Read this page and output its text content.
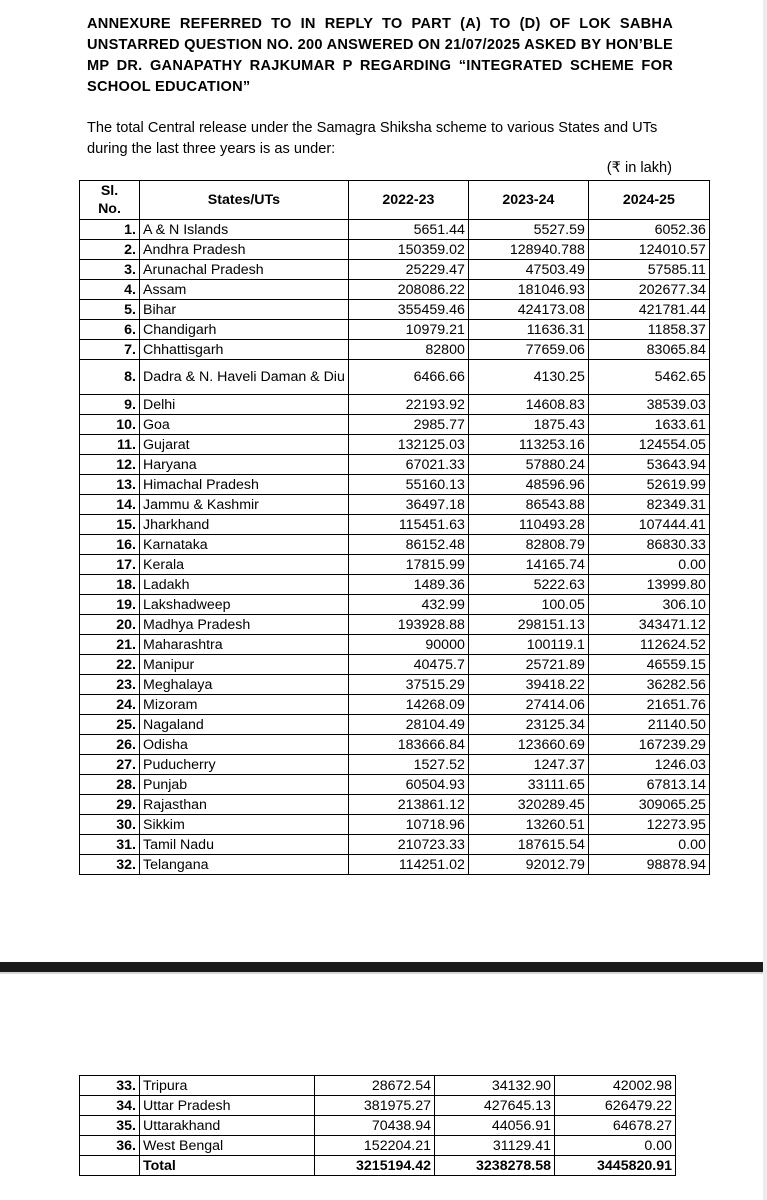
ANNEXURE REFERRED TO IN REPLY TO PART (A) TO (D) OF LOK SABHA UNSTARRED QUESTION NO. 200 ANSWERED ON 21/07/2025 ASKED BY HON’BLE MP DR. GANAPATHY RAJKUMAR P REGARDING “INTEGRATED SCHEME FOR SCHOOL EDUCATION”
The total Central release under the Samagra Shiksha scheme to various States and UTs during the last three years is as under:
(₹ in lakh)
Sl. No.	States/UTs	2022-23	2023-24	2024-25
1.	A & N Islands	5651.44	5527.59	6052.36
2.	Andhra Pradesh	150359.02	128940.788	124010.57
3.	Arunachal Pradesh	25229.47	47503.49	57585.11
4.	Assam	208086.22	181046.93	202677.34
5.	Bihar	355459.46	424173.08	421781.44
6.	Chandigarh	10979.21	11636.31	11858.37
7.	Chhattisgarh	82800	77659.06	83065.84
8.	Dadra & N. Haveli Daman & Diu	6466.66	4130.25	5462.65
9.	Delhi	22193.92	14608.83	38539.03
10.	Goa	2985.77	1875.43	1633.61
11.	Gujarat	132125.03	113253.16	124554.05
12.	Haryana	67021.33	57880.24	53643.94
13.	Himachal Pradesh	55160.13	48596.96	52619.99
14.	Jammu & Kashmir	36497.18	86543.88	82349.31
15.	Jharkhand	115451.63	110493.28	107444.41
16.	Karnataka	86152.48	82808.79	86830.33
17.	Kerala	17815.99	14165.74	0.00
18.	Ladakh	1489.36	5222.63	13999.80
19.	Lakshadweep	432.99	100.05	306.10
20.	Madhya Pradesh	193928.88	298151.13	343471.12
21.	Maharashtra	90000	100119.1	112624.52
22.	Manipur	40475.7	25721.89	46559.15
23.	Meghalaya	37515.29	39418.22	36282.56
24.	Mizoram	14268.09	27414.06	21651.76
25.	Nagaland	28104.49	23125.34	21140.50
26.	Odisha	183666.84	123660.69	167239.29
27.	Puducherry	1527.52	1247.37	1246.03
28.	Punjab	60504.93	33111.65	67813.14
29.	Rajasthan	213861.12	320289.45	309065.25
30.	Sikkim	10718.96	13260.51	12273.95
31.	Tamil Nadu	210723.33	187615.54	0.00
32.	Telangana	114251.02	92012.79	98878.94
33.	Tripura	28672.54	34132.90	42002.98
34.	Uttar Pradesh	381975.27	427645.13	626479.22
35.	Uttarakhand	70438.94	44056.91	64678.27
36.	West Bengal	152204.21	31129.41	0.00
	Total	3215194.42	3238278.58	3445820.91
